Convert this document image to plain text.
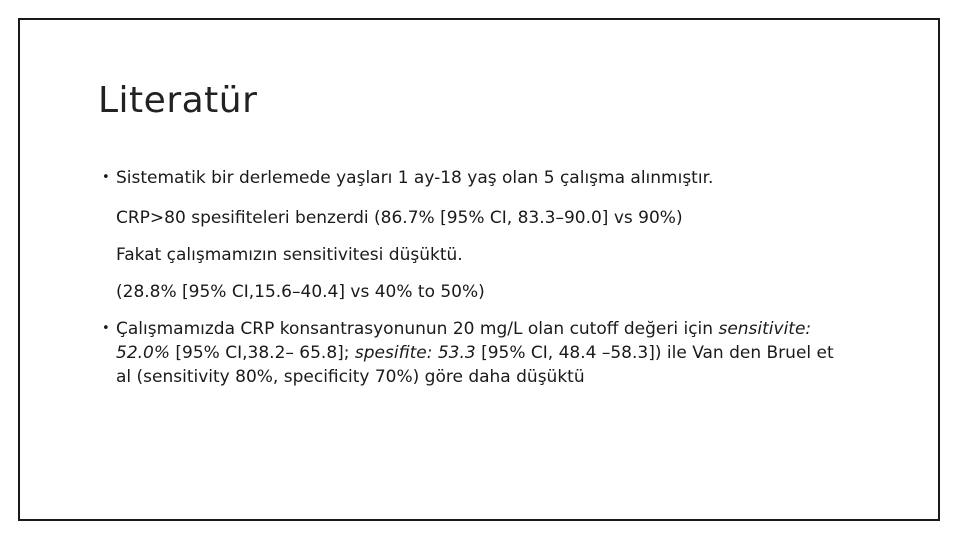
Literatür
• Sistematik bir derlemede yaşları 1 ay-18 yaş olan 5 çalışma alınmıştır.
CRP>80 spesifiteleri benzerdi (86.7% [95% CI, 83.3–90.0] vs 90%)
Fakat çalışmamızın sensitivitesi düşüktü.
(28.8% [95% CI,15.6–40.4] vs 40% to 50%)
• Çalışmamızda CRP konsantrasyonunun 20 mg/L olan cutoff değeri için sensitivite:
52.0% [95% CI,38.2– 65.8]; spesifite: 53.3 [95% CI, 48.4 –58.3]) ile Van den Bruel et
al (sensitivity 80%, specificity 70%) göre daha düşüktü
